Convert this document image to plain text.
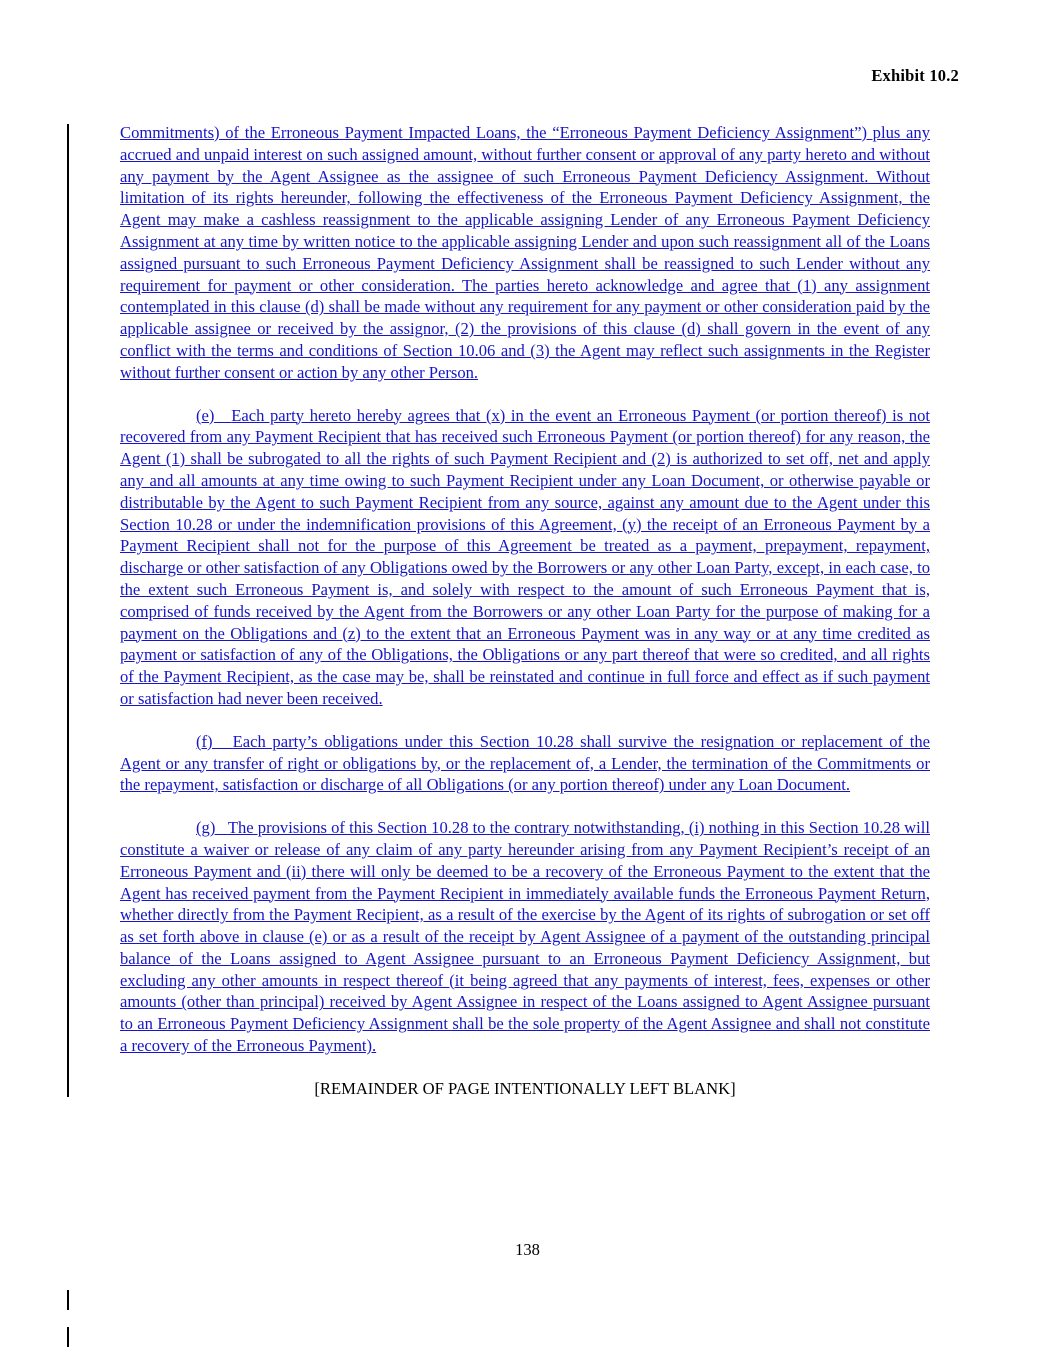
Exhibit 10.2

Commitments) of the Erroneous Payment Impacted Loans, the “Erroneous Payment Deficiency Assignment”) plus any accrued and unpaid interest on such assigned amount, without further consent or approval of any party hereto and without any payment by the Agent Assignee as the assignee of such Erroneous Payment Deficiency Assignment. Without limitation of its rights hereunder, following the effectiveness of the Erroneous Payment Deficiency Assignment, the Agent may make a cashless reassignment to the applicable assigning Lender of any Erroneous Payment Deficiency Assignment at any time by written notice to the applicable assigning Lender and upon such reassignment all of the Loans assigned pursuant to such Erroneous Payment Deficiency Assignment shall be reassigned to such Lender without any requirement for payment or other consideration. The parties hereto acknowledge and agree that (1) any assignment contemplated in this clause (d) shall be made without any requirement for any payment or other consideration paid by the applicable assignee or received by the assignor, (2) the provisions of this clause (d) shall govern in the event of any conflict with the terms and conditions of Section 10.06 and (3) the Agent may reflect such assignments in the Register without further consent or action by any other Person.

(e) Each party hereto hereby agrees that (x) in the event an Erroneous Payment (or portion thereof) is not recovered from any Payment Recipient that has received such Erroneous Payment (or portion thereof) for any reason, the Agent (1) shall be subrogated to all the rights of such Payment Recipient and (2) is authorized to set off, net and apply any and all amounts at any time owing to such Payment Recipient under any Loan Document, or otherwise payable or distributable by the Agent to such Payment Recipient from any source, against any amount due to the Agent under this Section 10.28 or under the indemnification provisions of this Agreement, (y) the receipt of an Erroneous Payment by a Payment Recipient shall not for the purpose of this Agreement be treated as a payment, prepayment, repayment, discharge or other satisfaction of any Obligations owed by the Borrowers or any other Loan Party, except, in each case, to the extent such Erroneous Payment is, and solely with respect to the amount of such Erroneous Payment that is, comprised of funds received by the Agent from the Borrowers or any other Loan Party for the purpose of making for a payment on the Obligations and (z) to the extent that an Erroneous Payment was in any way or at any time credited as payment or satisfaction of any of the Obligations, the Obligations or any part thereof that were so credited, and all rights of the Payment Recipient, as the case may be, shall be reinstated and continue in full force and effect as if such payment or satisfaction had never been received.

(f) Each party’s obligations under this Section 10.28 shall survive the resignation or replacement of the Agent or any transfer of right or obligations by, or the replacement of, a Lender, the termination of the Commitments or the repayment, satisfaction or discharge of all Obligations (or any portion thereof) under any Loan Document.

(g) The provisions of this Section 10.28 to the contrary notwithstanding, (i) nothing in this Section 10.28 will constitute a waiver or release of any claim of any party hereunder arising from any Payment Recipient’s receipt of an Erroneous Payment and (ii) there will only be deemed to be a recovery of the Erroneous Payment to the extent that the Agent has received payment from the Payment Recipient in immediately available funds the Erroneous Payment Return, whether directly from the Payment Recipient, as a result of the exercise by the Agent of its rights of subrogation or set off as set forth above in clause (e) or as a result of the receipt by Agent Assignee of a payment of the outstanding principal balance of the Loans assigned to Agent Assignee pursuant to an Erroneous Payment Deficiency Assignment, but excluding any other amounts in respect thereof (it being agreed that any payments of interest, fees, expenses or other amounts (other than principal) received by Agent Assignee in respect of the Loans assigned to Agent Assignee pursuant to an Erroneous Payment Deficiency Assignment shall be the sole property of the Agent Assignee and shall not constitute a recovery of the Erroneous Payment).

[REMAINDER OF PAGE INTENTIONALLY LEFT BLANK]
138
